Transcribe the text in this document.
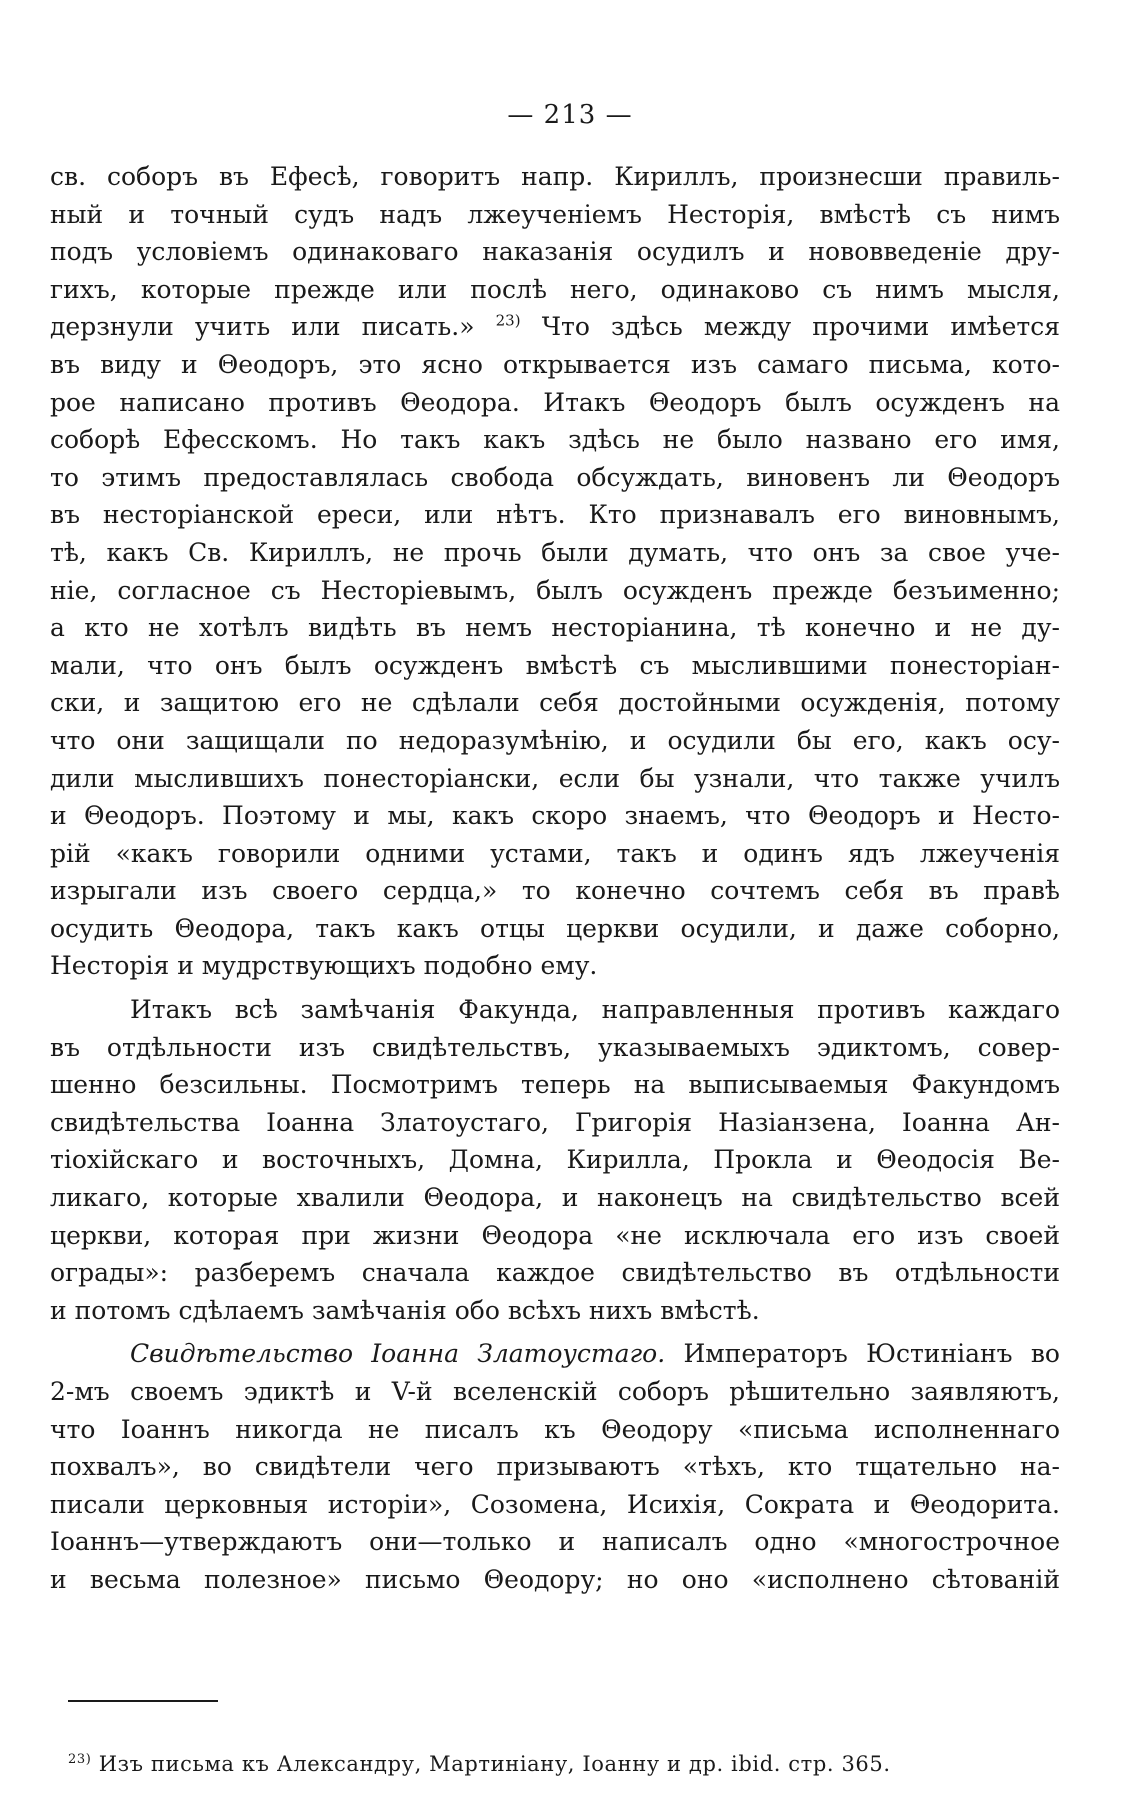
— 213 —
св. соборъ въ Ефесѣ, говоритъ напр. Кириллъ, произнесши правиль-
ный и точный судъ надъ лжеученіемъ Несторія, вмѣстѣ съ нимъ
подъ условіемъ одинаковаго наказанія осудилъ и нововведеніе дру-
гихъ, которые прежде или послѣ него, одинаково съ нимъ мысля,
дерзнули учить или писать.» $^{23)}$ Что здѣсь между прочими имѣется
въ виду и Θеодоръ, это ясно открывается изъ самаго письма, кото-
рое написано противъ Θеодора. Итакъ Θеодоръ былъ осужденъ на
соборѣ Ефесскомъ. Но такъ какъ здѣсь не было названо его имя,
то этимъ предоставлялась свобода обсуждать, виновенъ ли Θеодоръ
въ несторіанской ереси, или нѣтъ. Кто признавалъ его виновнымъ,
тѣ, какъ Св. Кириллъ, не прочь были думать, что онъ за свое уче-
ніе, согласное съ Несторіевымъ, былъ осужденъ прежде безъименно;
а кто не хотѣлъ видѣть въ немъ несторіанина, тѣ конечно и не ду-
мали, что онъ былъ осужденъ вмѣстѣ съ мыслившими понесторіан-
ски, и защитою его не сдѣлали себя достойными осужденія, потому
что они защищали по недоразумѣнію, и осудили бы его, какъ осу-
дили мыслившихъ понесторіански, если бы узнали, что также училъ
и Θеодоръ. Поэтому и мы, какъ скоро знаемъ, что Θеодоръ и Несто-
рій «какъ говорили одними устами, такъ и одинъ ядъ лжеученія
изрыгали изъ своего сердца,» то конечно сочтемъ себя въ правѣ
осудить Θеодора, такъ какъ отцы церкви осудили, и даже соборно,
Несторія и мудрствующихъ подобно ему.
Итакъ всѣ замѣчанія Факунда, направленныя противъ каждаго
въ отдѣльности изъ свидѣтельствъ, указываемыхъ эдиктомъ, совер-
шенно безсильны. Посмотримъ теперь на выписываемыя Факундомъ
свидѣтельства Іоанна Златоустаго, Григорія Назіанзена, Іоанна Ан-
тіохійскаго и восточныхъ, Домна, Кирилла, Прокла и Θеодосія Ве-
ликаго, которые хвалили Θеодора, и наконецъ на свидѣтельство всей
церкви, которая при жизни Θеодора «не исключала его изъ своей
ограды»: разберемъ сначала каждое свидѣтельство въ отдѣльности
и потомъ сдѣлаемъ замѣчанія обо всѣхъ нихъ вмѣстѣ.
Свидѣтельство Іоанна Златоустаго. Императоръ Юстиніанъ во
2-мъ своемъ эдиктѣ и V-й вселенскій соборъ рѣшительно заявляютъ,
что Іоаннъ никогда не писалъ къ Θеодору «письма исполненнаго
похвалъ», во свидѣтели чего призываютъ «тѣхъ, кто тщательно на-
писали церковныя исторіи», Созомена, Исихія, Сократа и Θеодорита.
Іоаннъ—утверждаютъ они—только и написалъ одно «многострочное
и весьма полезное» письмо Θеодору; но оно «исполнено сѣтованій
$^{23)}$ Изъ письма къ Александру, Мартиніану, Іоанну и др. ibid. стр. 365.
